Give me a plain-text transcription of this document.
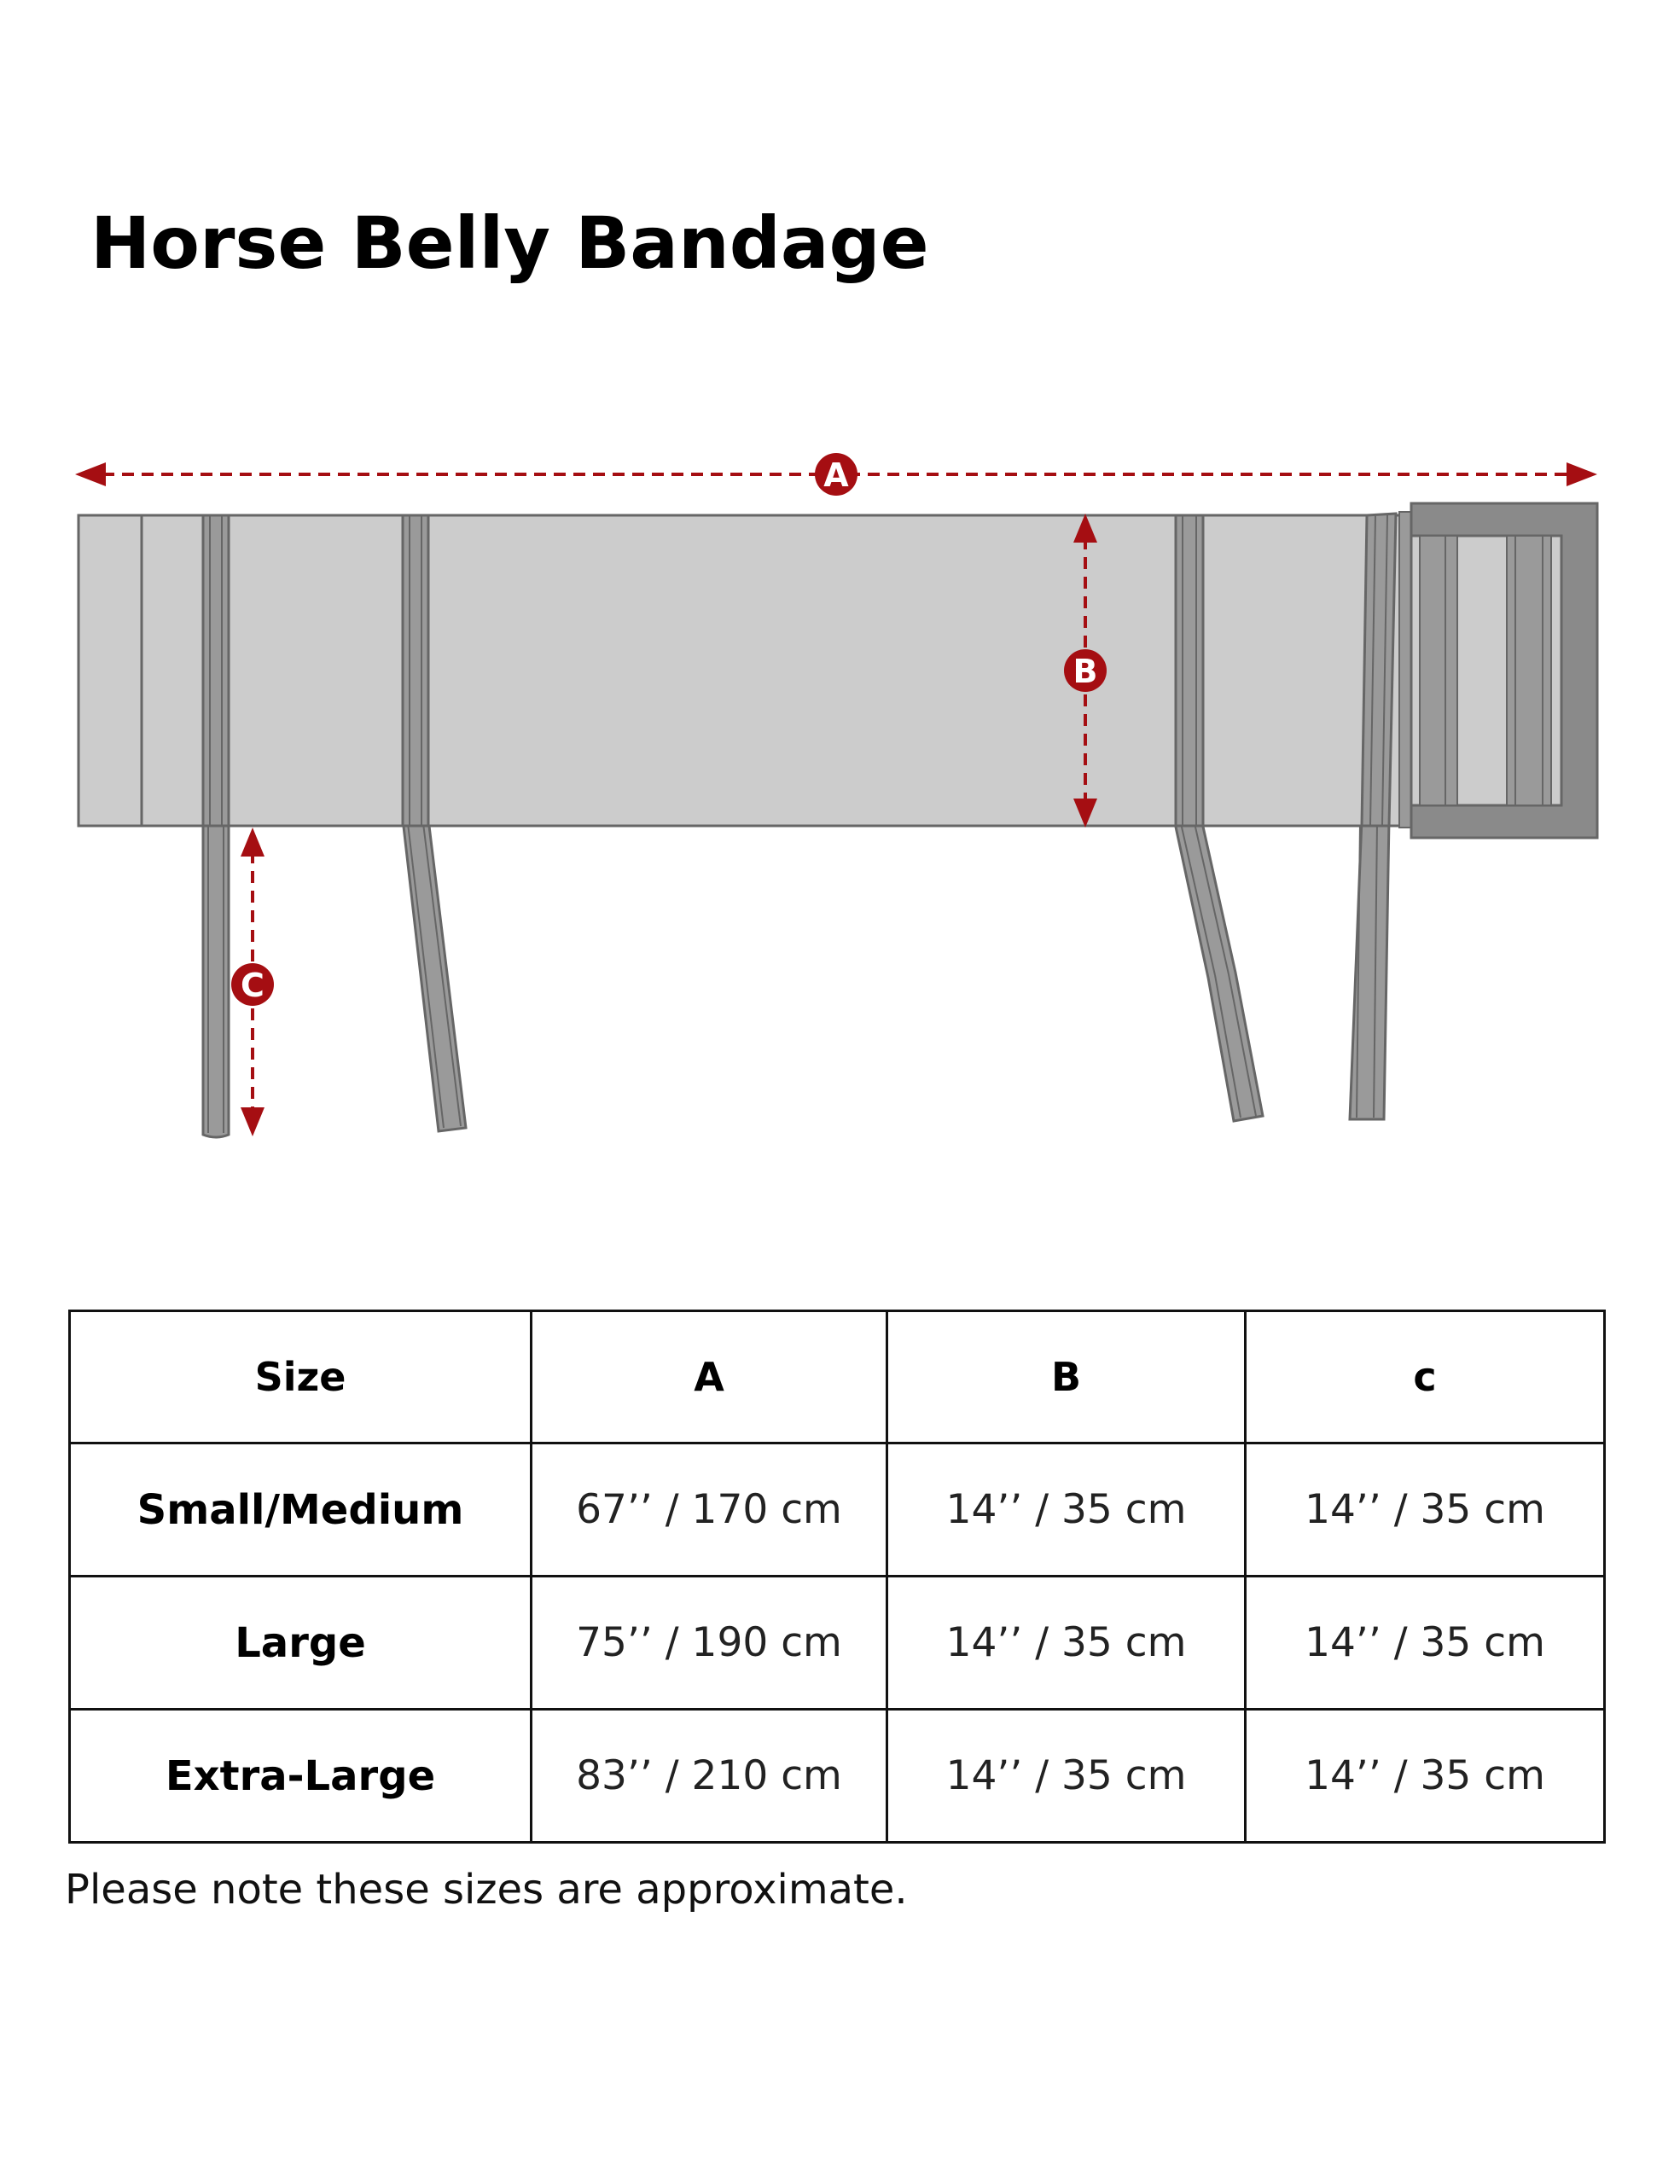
Horse Belly Bandage
A
B
C
Size	A	B	c
Small/Medium	67’’ / 170 cm	14’’ / 35 cm	14’’ / 35 cm
Large	75’’ / 190 cm	14’’ / 35 cm	14’’ / 35 cm
Extra-Large	83’’ / 210 cm	14’’ / 35 cm	14’’ / 35 cm

Please note these sizes are approximate.
